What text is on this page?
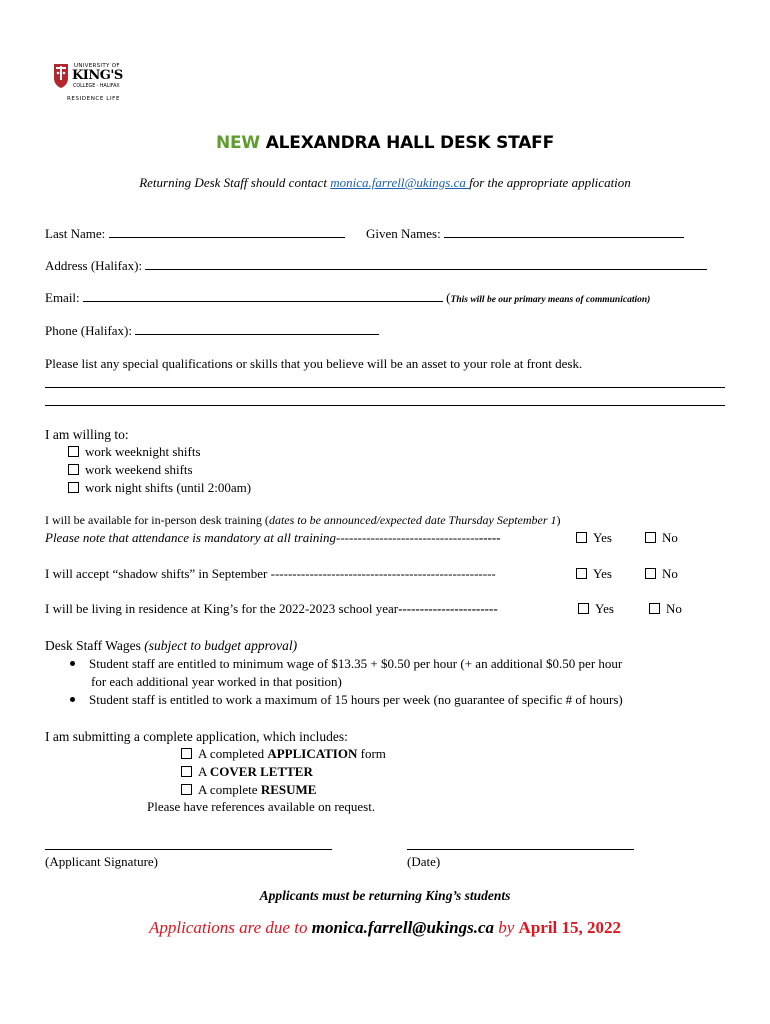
UNIVERSITY OF
KING'S
COLLEGE · HALIFAX
RESIDENCE LIFE
NEW ALEXANDRA HALL DESK STAFF
Returning Desk Staff should contact monica.farrell@ukings.ca for the appropriate application
Last Name:	Given Names:
Address (Halifax):
Email:	(This will be our primary means of communication)
Phone (Halifax):
Please list any special qualifications or skills that you believe will be an asset to your role at front desk.
I am willing to:
work weeknight shifts
work weekend shifts
work night shifts (until 2:00am)
I will be available for in-person desk training (dates to be announced/expected date Thursday September 1)
Please note that attendance is mandatory at all training--------------------------------------	Yes	No
I will accept “shadow shifts” in September ----------------------------------------------------	Yes	No
I will be living in residence at King’s for the 2022-2023 school year-----------------------	Yes	No
Desk Staff Wages (subject to budget approval)
Student staff are entitled to minimum wage of $13.35 + $0.50 per hour (+ an additional $0.50 per hour
for each additional year worked in that position)
Student staff is entitled to work a maximum of 15 hours per week (no guarantee of specific # of hours)
I am submitting a complete application, which includes:
A completed APPLICATION form
A COVER LETTER
A complete RESUME
Please have references available on request.
(Applicant Signature)	(Date)
Applicants must be returning King’s students
Applications are due to monica.farrell@ukings.ca by April 15, 2022
